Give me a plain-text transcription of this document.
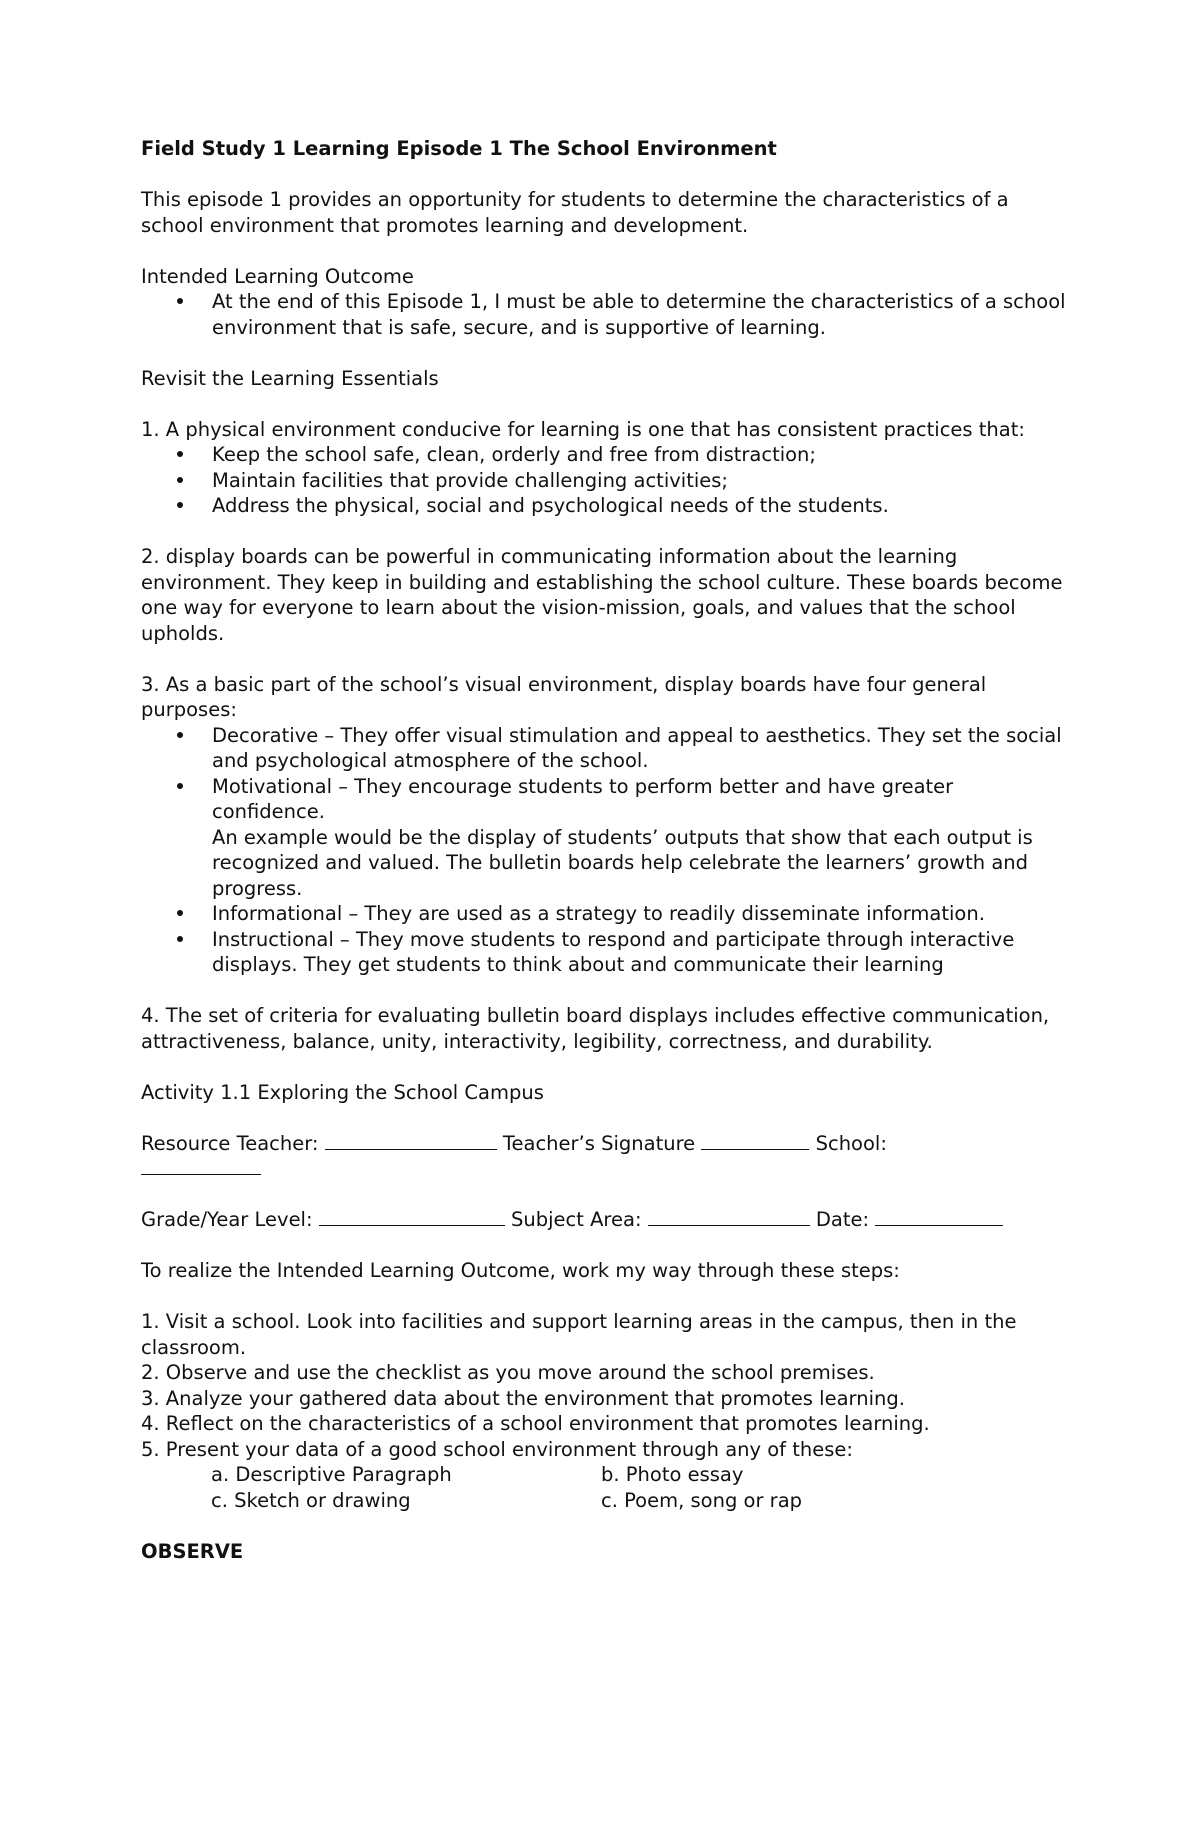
Field Study 1 Learning Episode 1 The School Environment

This episode 1 provides an opportunity for students to determine the characteristics of a school environment that promotes learning and development.

Intended Learning Outcome

At the end of this Episode 1, I must be able to determine the characteristics of a school environment that is safe, secure, and is supportive of learning.

Revisit the Learning Essentials

1. A physical environment conducive for learning is one that has consistent practices that:

Keep the school safe, clean, orderly and free from distraction;
Maintain facilities that provide challenging activities;
Address the physical, social and psychological needs of the students.

2. display boards can be powerful in communicating information about the learning environment. They keep in building and establishing the school culture. These boards become one way for everyone to learn about the vision-mission, goals, and values that the school upholds.

3. As a basic part of the school’s visual environment, display boards have four general purposes:

Decorative – They offer visual stimulation and appeal to aesthetics. They set the social and psychological atmosphere of the school.
Motivational – They encourage students to perform better and have greater confidence.
An example would be the display of students’ outputs that show that each output is recognized and valued. The bulletin boards help celebrate the learners’ growth and progress.
Informational – They are used as a strategy to readily disseminate information.
Instructional – They move students to respond and participate through interactive displays. They get students to think about and communicate their learning

4. The set of criteria for evaluating bulletin board displays includes effective communication, attractiveness, balance, unity, interactivity, legibility, correctness, and durability.

Activity 1.1 Exploring the School Campus

Resource Teacher:	Teacher’s Signature	School:

Grade/Year Level:	Subject Area:	Date:

To realize the Intended Learning Outcome, work my way through these steps:

1. Visit a school. Look into facilities and support learning areas in the campus, then in the classroom.

2. Observe and use the checklist as you move around the school premises.

3. Analyze your gathered data about the environment that promotes learning.

4. Reflect on the characteristics of a school environment that promotes learning.

5. Present your data of a good school environment through any of these:

a. Descriptive Paragraph	b. Photo essay
c. Sketch or drawing	c. Poem, song or rap

OBSERVE
